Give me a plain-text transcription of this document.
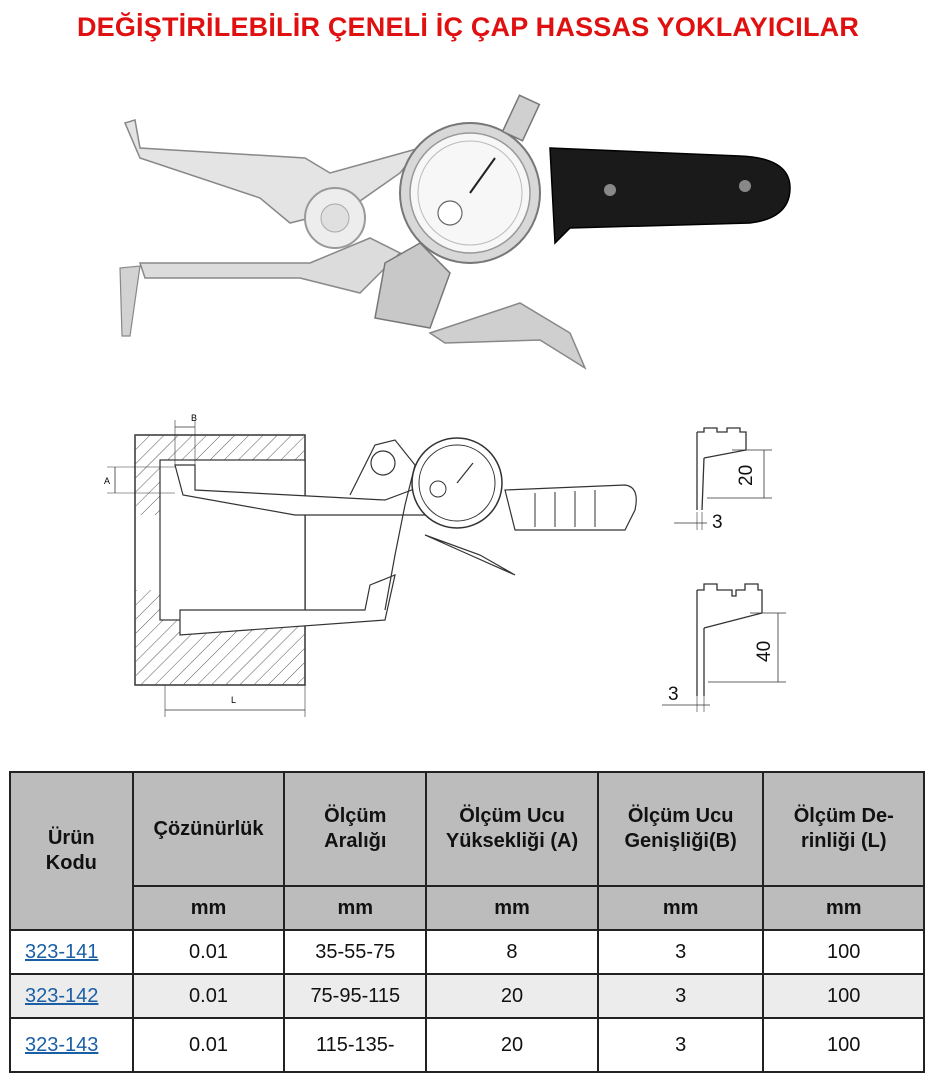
DEĞİŞTİRİLEBİLİR ÇENELİ İÇ ÇAP HASSAS YOKLAYICILAR
B
A
L
20
3
40
3
Ürün Kodu	Çözünürlük	Ölçüm Aralığı	Ölçüm Ucu Yüksekliği (A)	Ölçüm Ucu Genişliği(B)	Ölçüm De-rinliği (L)
	mm	mm	mm	mm	mm
323-141	0.01	35-55-75	8	3	100
323-142	0.01	75-95-115	20	3	100
323-143	0.01	115-135-	20	3	100
